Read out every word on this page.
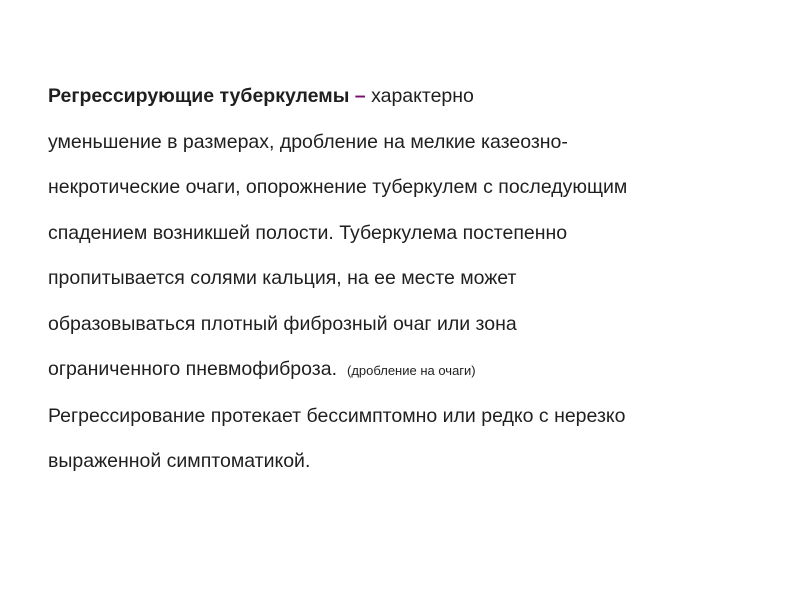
Регрессирующие туберкулемы – характерно
уменьшение в размерах, дробление на мелкие казеозно-
некротические очаги, опорожнение туберкулем с последующим
спадением возникшей полости. Туберкулема постепенно
пропитывается солями кальция, на ее месте может
образовываться плотный фиброзный очаг или зона
ограниченного пневмофиброза. (дробление на очаги)
Регрессирование протекает бессимптомно или редко с нерезко
выраженной симптоматикой.
